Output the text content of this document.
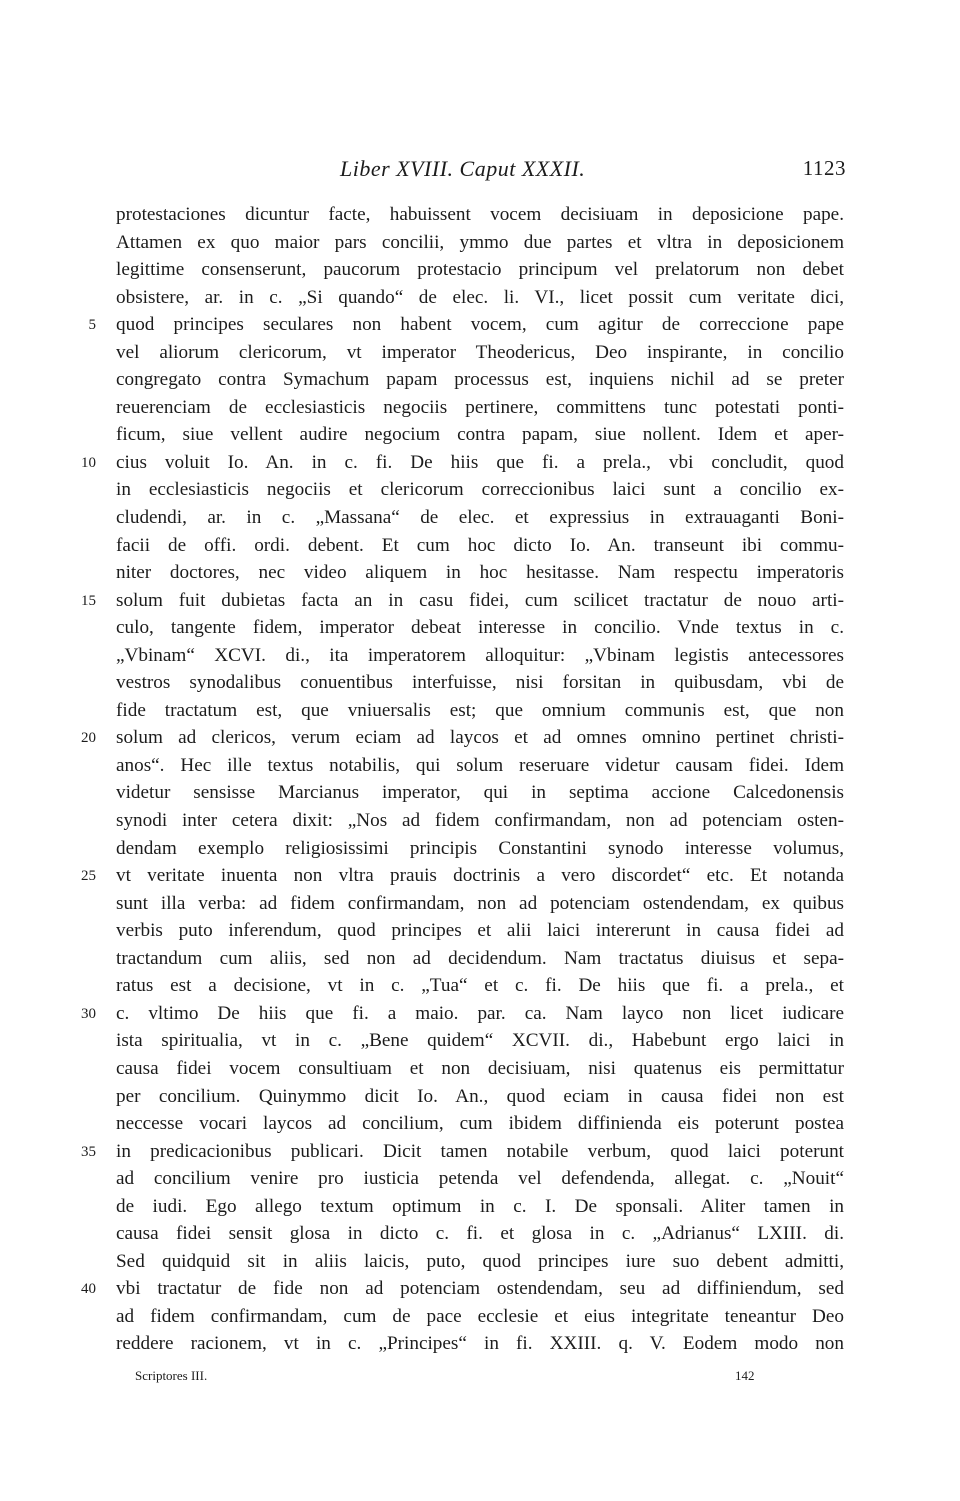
Liber XVIII. Caput XXXII.	1123
protestaciones dicuntur facte, habuissent vocem decisiuam in deposicione pape.
Attamen ex quo maior pars concilii, ymmo due partes et vltra in deposicionem
legittime consenserunt, paucorum protestacio principum vel prelatorum non debet
obsistere, ar. in c. „Si quando“ de elec. li. VI., licet possit cum veritate dici,
5 quod principes seculares non habent vocem, cum agitur de correccione pape
vel aliorum clericorum, vt imperator Theodericus, Deo inspirante, in concilio
congregato contra Symachum papam processus est, inquiens nichil ad se preter
reuerenciam de ecclesiasticis negociis pertinere, committens tunc potestati ponti-
ficum, siue vellent audire negocium contra papam, siue nollent. Idem et aper-
10 cius voluit Io. An. in c. fi. De hiis que fi. a prela., vbi concludit, quod
in ecclesiasticis negociis et clericorum correccionibus laici sunt a concilio ex-
cludendi, ar. in c. „Massana“ de elec. et expressius in extrauaganti Boni-
facii de offi. ordi. debent. Et cum hoc dicto Io. An. transeunt ibi commu-
niter doctores, nec video aliquem in hoc hesitasse. Nam respectu imperatoris
15 solum fuit dubietas facta an in casu fidei, cum scilicet tractatur de nouo arti-
culo, tangente fidem, imperator debeat interesse in concilio. Vnde textus in c.
„Vbinam“ XCVI. di., ita imperatorem alloquitur: „Vbinam legistis antecessores
vestros synodalibus conuentibus interfuisse, nisi forsitan in quibusdam, vbi de
fide tractatum est, que vniuersalis est; que omnium communis est, que non
20 solum ad clericos, verum eciam ad laycos et ad omnes omnino pertinet christi-
anos“. Hec ille textus notabilis, qui solum reseruare videtur causam fidei. Idem
videtur sensisse Marcianus imperator, qui in septima accione Calcedonensis
synodi inter cetera dixit: „Nos ad fidem confirmandam, non ad potenciam osten-
dendam exemplo religiosissimi principis Constantini synodo interesse volumus,
25 vt veritate inuenta non vltra prauis doctrinis a vero discordet“ etc. Et notanda
sunt illa verba: ad fidem confirmandam, non ad potenciam ostendendam, ex quibus
verbis puto inferendum, quod principes et alii laici intererunt in causa fidei ad
tractandum cum aliis, sed non ad decidendum. Nam tractatus diuisus et sepa-
ratus est a decisione, vt in c. „Tua“ et c. fi. De hiis que fi. a prela., et
30 c. vltimo De hiis que fi. a maio. par. ca. Nam layco non licet iudicare
ista spiritualia, vt in c. „Bene quidem“ XCVII. di., Habebunt ergo laici in
causa fidei vocem consultiuam et non decisiuam, nisi quatenus eis permittatur
per concilium. Quinymmo dicit Io. An., quod eciam in causa fidei non est
neccesse vocari laycos ad concilium, cum ibidem diffinienda eis poterunt postea
35 in predicacionibus publicari. Dicit tamen notabile verbum, quod laici poterunt
ad concilium venire pro iusticia petenda vel defendenda, allegat. c. „Nouit“
de iudi. Ego allego textum optimum in c. I. De sponsali. Aliter tamen in
causa fidei sensit glosa in dicto c. fi. et glosa in c. „Adrianus“ LXIII. di.
Sed quidquid sit in aliis laicis, puto, quod principes iure suo debent admitti,
40 vbi tractatur de fide non ad potenciam ostendendam, seu ad diffiniendum, sed
ad fidem confirmandam, cum de pace ecclesie et eius integritate teneantur Deo
reddere racionem, vt in c. „Principes“ in fi. XXIII. q. V. Eodem modo non
Scriptores III.	142
